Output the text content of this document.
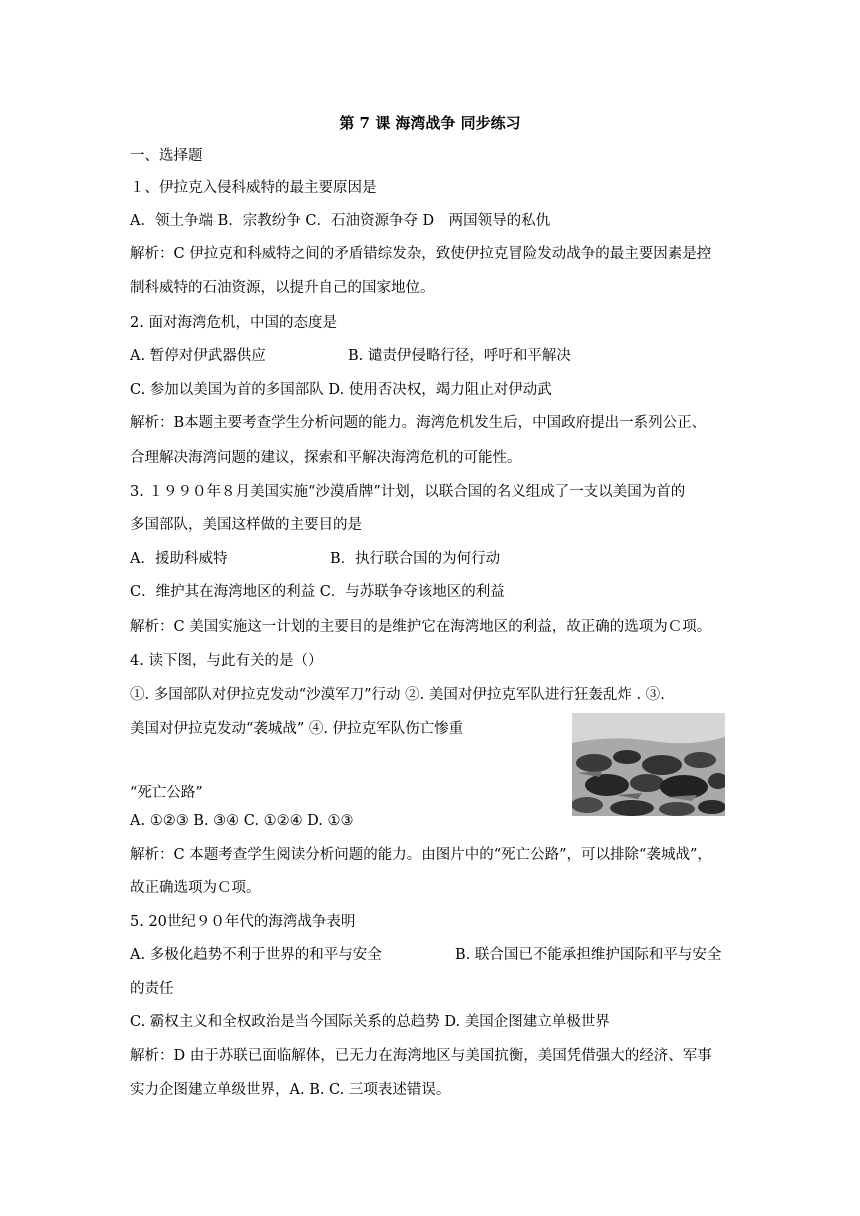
第 7 课 海湾战争 同步练习
一、选择题
１、伊拉克入侵科威特的最主要原因是
A．领土争端 B．宗教纷争 C．石油资源争夺 D　两国领导的私仇
解析：C 伊拉克和科威特之间的矛盾错综发杂，致使伊拉克冒险发动战争的最主要因素是控
制科威特的石油资源，以提升自己的国家地位。
2. 面对海湾危机，中国的态度是
A. 暂停对伊武器供应	B. 谴责伊侵略行径，呼吁和平解决
C. 参加以美国为首的多国部队 D. 使用否决权，竭力阻止对伊动武
解析：B本题主要考查学生分析问题的能力。海湾危机发生后，中国政府提出一系列公正、
合理解决海湾问题的建议，探索和平解决海湾危机的可能性。
3. １９９０年８月美国实施“沙漠盾牌”计划，以联合国的名义组成了一支以美国为首的
多国部队，美国这样做的主要目的是
A．援助科威特	B．执行联合国的为何行动
C．维护其在海湾地区的利益 C．与苏联争夺该地区的利益
解析：C 美国实施这一计划的主要目的是维护它在海湾地区的利益，故正确的选项为Ｃ项。
4. 读下图，与此有关的是（）
①. 多国部队对伊拉克发动“沙漠军刀”行动 ②. 美国对伊拉克军队进行狂轰乱炸 . ③.
美国对伊拉克发动“袭城战” ④. 伊拉克军队伤亡惨重
“死亡公路”
A. ①②③ B. ③④ C. ①②④ D. ①③
解析：C 本题考查学生阅读分析问题的能力。由图片中的“死亡公路”，可以排除“袭城战”，
故正确选项为Ｃ项。
5. 20世纪９０年代的海湾战争表明
A. 多极化趋势不利于世界的和平与安全	B. 联合国已不能承担维护国际和平与安全
的责任
C. 霸权主义和全权政治是当今国际关系的总趋势 D. 美国企图建立单极世界
解析：D 由于苏联已面临解体，已无力在海湾地区与美国抗衡，美国凭借强大的经济、军事
实力企图建立单级世界，A. B. C. 三项表述错误。
